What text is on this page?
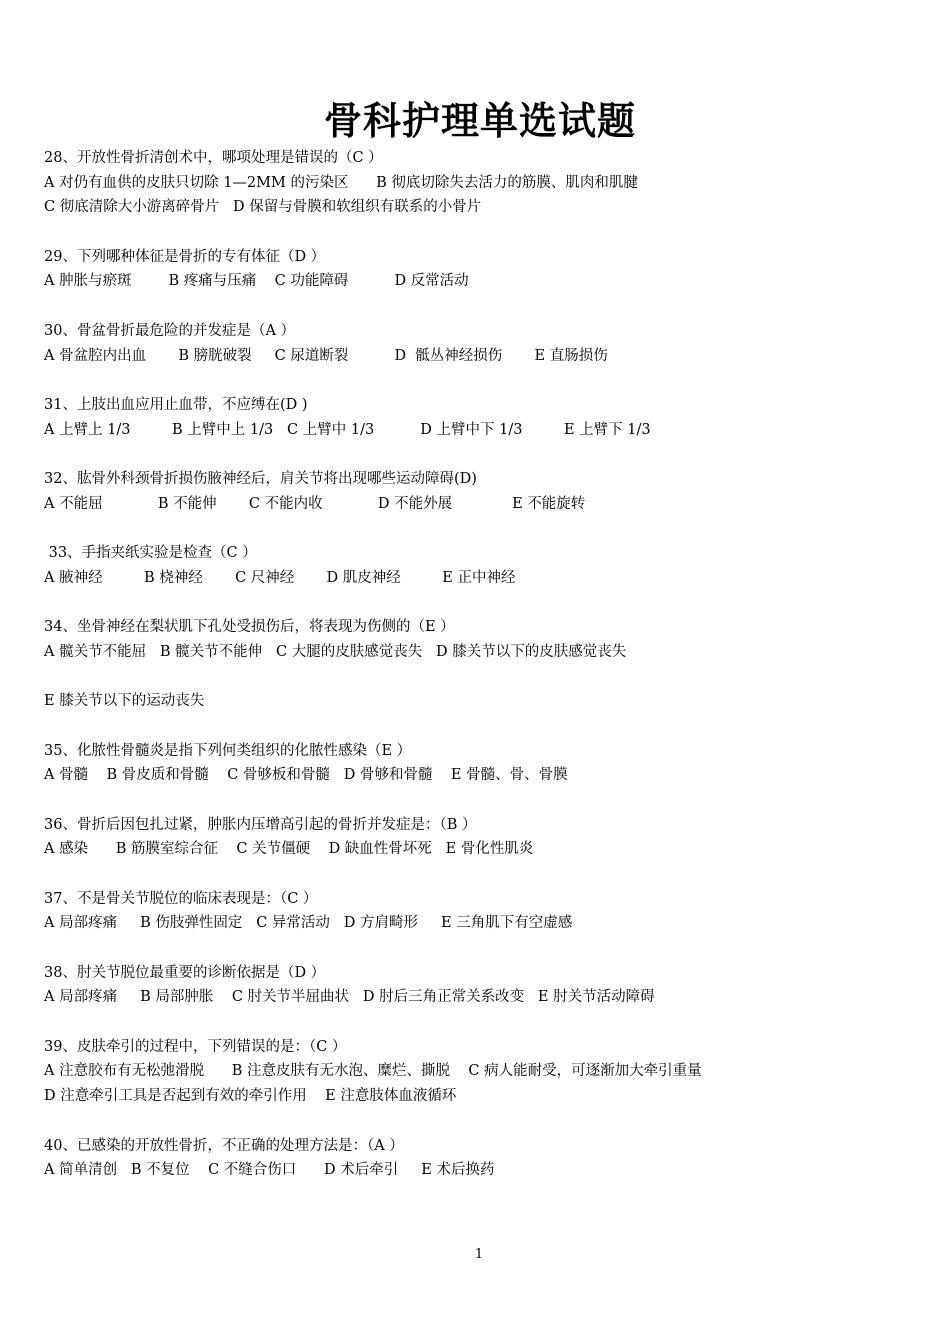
骨科护理单选试题
28、开放性骨折清创术中，哪项处理是错误的（C ）
A 对仍有血供的皮肤只切除 1—2MM 的污染区      B 彻底切除失去活力的筋膜、肌肉和肌腱
C 彻底清除大小游离碎骨片   D 保留与骨膜和软组织有联系的小骨片
29、下列哪种体征是骨折的专有体征（D ）
A 肿胀与瘀斑        B 疼痛与压痛    C 功能障碍          D 反常活动
30、骨盆骨折最危险的并发症是（A ）
A 骨盆腔内出血       B 膀胱破裂     C 尿道断裂          D  骶丛神经损伤       E 直肠损伤
31、上肢出血应用止血带，不应缚在(D )
A 上臂上 1/3         B 上臂中上 1/3   C 上臂中 1/3          D 上臂中下 1/3         E 上臂下 1/3
32、肱骨外科颈骨折损伤腋神经后，肩关节将出现哪些运动障碍(D)
A 不能屈            B 不能伸       C 不能内收            D 不能外展             E 不能旋转
33、手指夹纸实验是检查（C ）
A 腋神经         B 桡神经       C 尺神经       D 肌皮神经         E 正中神经
34、坐骨神经在梨状肌下孔处受损伤后，将表现为伤侧的（E ）
A 髋关节不能屈   B 髋关节不能伸   C 大腿的皮肤感觉丧失   D 膝关节以下的皮肤感觉丧失
E 膝关节以下的运动丧失
35、化脓性骨髓炎是指下列何类组织的化脓性感染（E ）
A 骨髓    B 骨皮质和骨髓    C 骨够板和骨髓   D 骨够和骨髓    E 骨髓、骨、骨膜
36、骨折后因包扎过紧，肿胀内压增高引起的骨折并发症是：（B ）
A 感染      B 筋膜室综合征    C 关节僵硬    D 缺血性骨坏死   E 骨化性肌炎
37、不是骨关节脱位的临床表现是：（C ）
A 局部疼痛     B 伤肢弹性固定   C 异常活动   D 方肩畸形     E 三角肌下有空虚感
38、肘关节脱位最重要的诊断依据是（D ）
A 局部疼痛     B 局部肿胀    C 肘关节半屈曲状   D 肘后三角正常关系改变   E 肘关节活动障碍
39、皮肤牵引的过程中，下列错误的是：（C ）
A 注意胶布有无松弛滑脱      B 注意皮肤有无水泡、糜烂、撕脱    C 病人能耐受，可逐渐加大牵引重量
D 注意牵引工具是否起到有效的牵引作用    E 注意肢体血液循环
40、已感染的开放性骨折，不正确的处理方法是：（A ）
A 简单清创   B 不复位    C 不缝合伤口      D 术后牵引     E 术后换药
1
